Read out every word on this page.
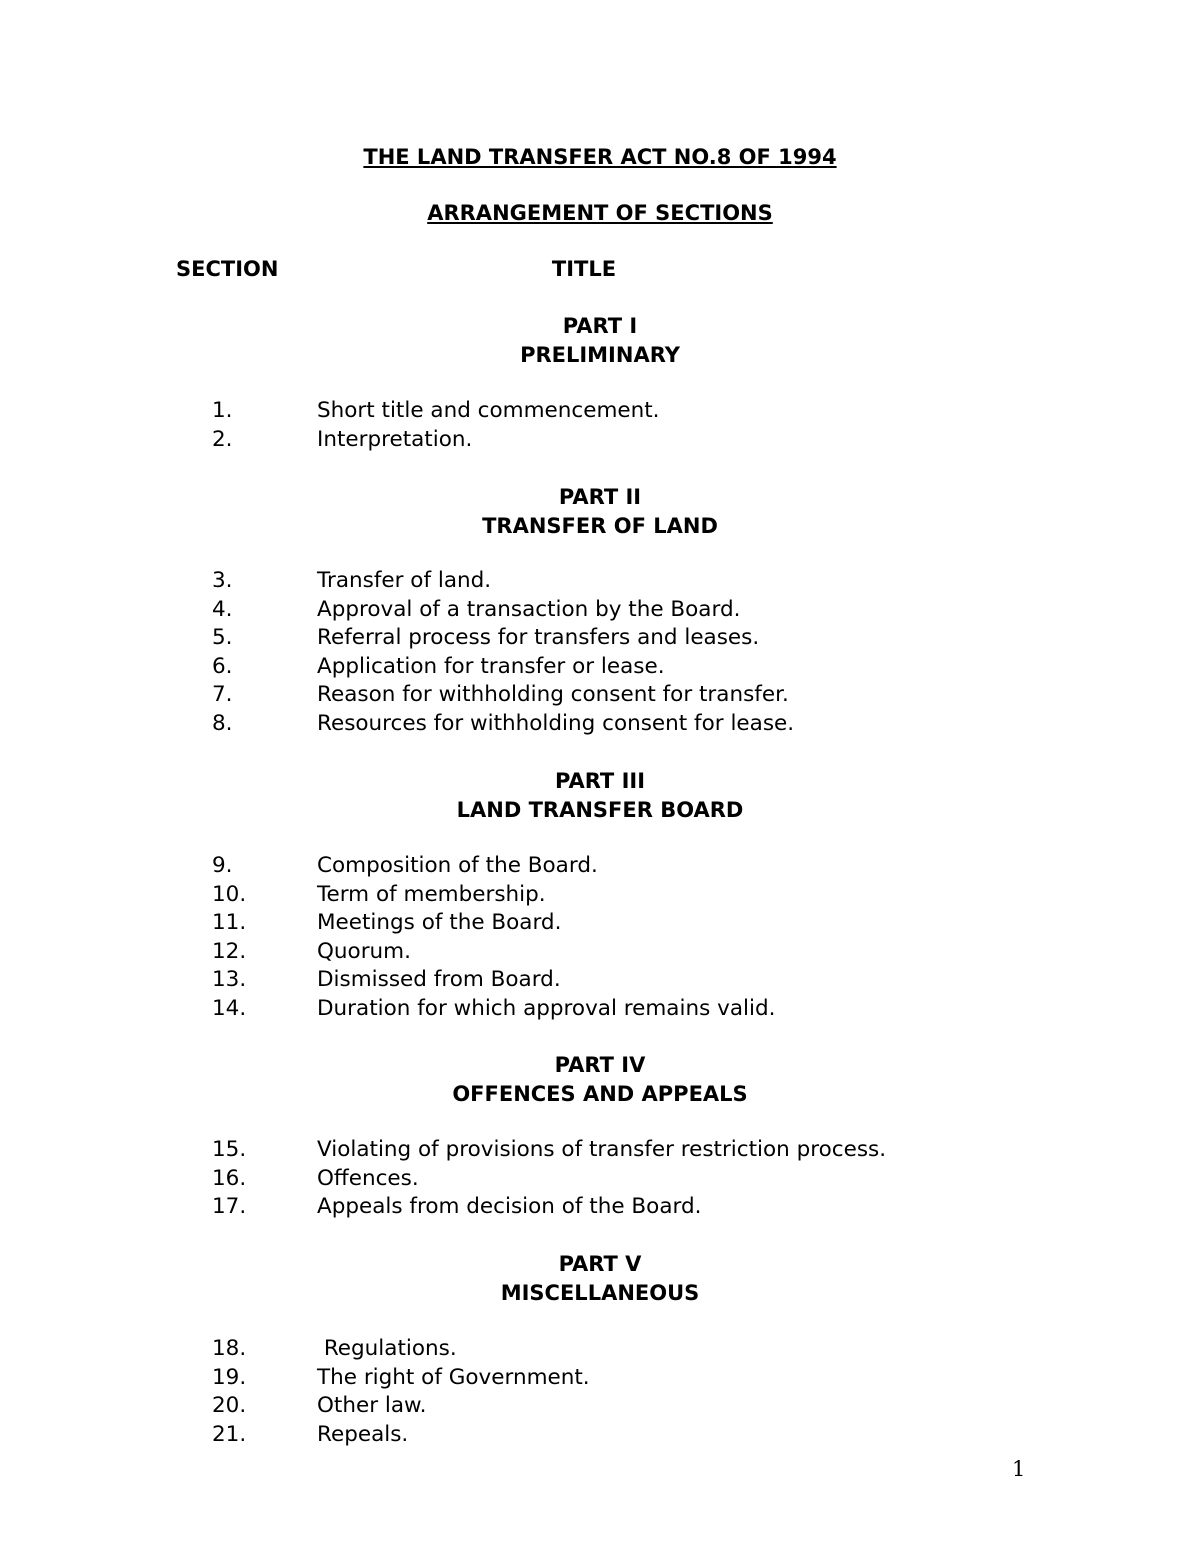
THE LAND TRANSFER ACT NO.8 OF 1994
ARRANGEMENT OF SECTIONS
SECTION	TITLE
PART I
PRELIMINARY
1.	Short title and commencement.
2.	Interpretation.
PART II
TRANSFER OF LAND
3.	Transfer of land.
4.	Approval of a transaction by the Board.
5.	Referral process for transfers and leases.
6.	Application for transfer or lease.
7.	Reason for withholding consent for transfer.
8.	Resources for withholding consent for lease.
PART III
LAND TRANSFER BOARD
9.	Composition of the Board.
10.	Term of membership.
11.	Meetings of the Board.
12.	Quorum.
13.	Dismissed from Board.
14.	Duration for which approval remains valid.
PART IV
OFFENCES AND APPEALS
15.	Violating of provisions of transfer restriction process.
16.	Offences.
17.	Appeals from decision of the Board.
PART V
MISCELLANEOUS
18.	Regulations.
19.	The right of Government.
20.	Other law.
21.	Repeals.
1
